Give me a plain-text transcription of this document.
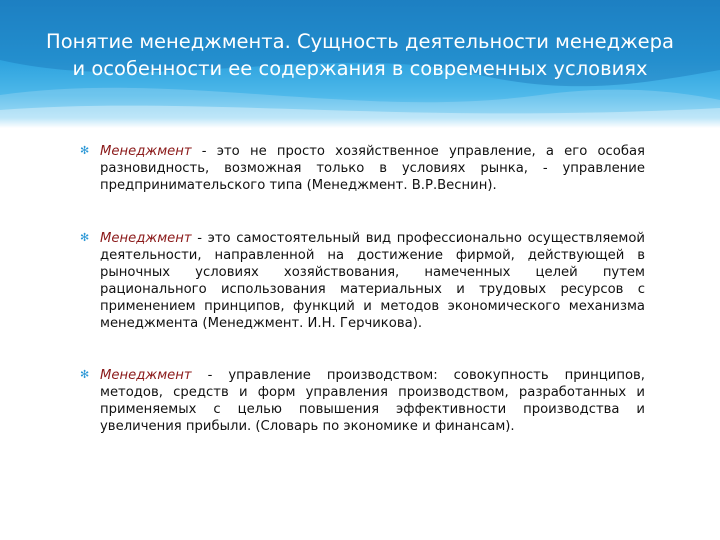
Понятие менеджмента. Сущность деятельности менеджера
и особенности ее содержания в современных условиях
✻ Менеджмент - это не просто хозяйственное управление, а его особая разновидность, возможная только в условиях рынка, - управление предпринимательского типа (Менеджмент. В.Р.Веснин).

✻ Менеджмент - это самостоятельный вид профессионально осуществляемой деятельности, направленной на достижение фирмой, действующей в рыночных условиях хозяйствования, намеченных целей путем рационального использования материальных и трудовых ресурсов с применением принципов, функций и методов экономического механизма менеджмента (Менеджмент. И.Н. Герчикова).

✻ Менеджмент - управление производством: совокупность принципов, методов, средств и форм управления производством, разработанных и применяемых с целью повышения эффективности производства и увеличения прибыли. (Словарь по экономике и финансам).
